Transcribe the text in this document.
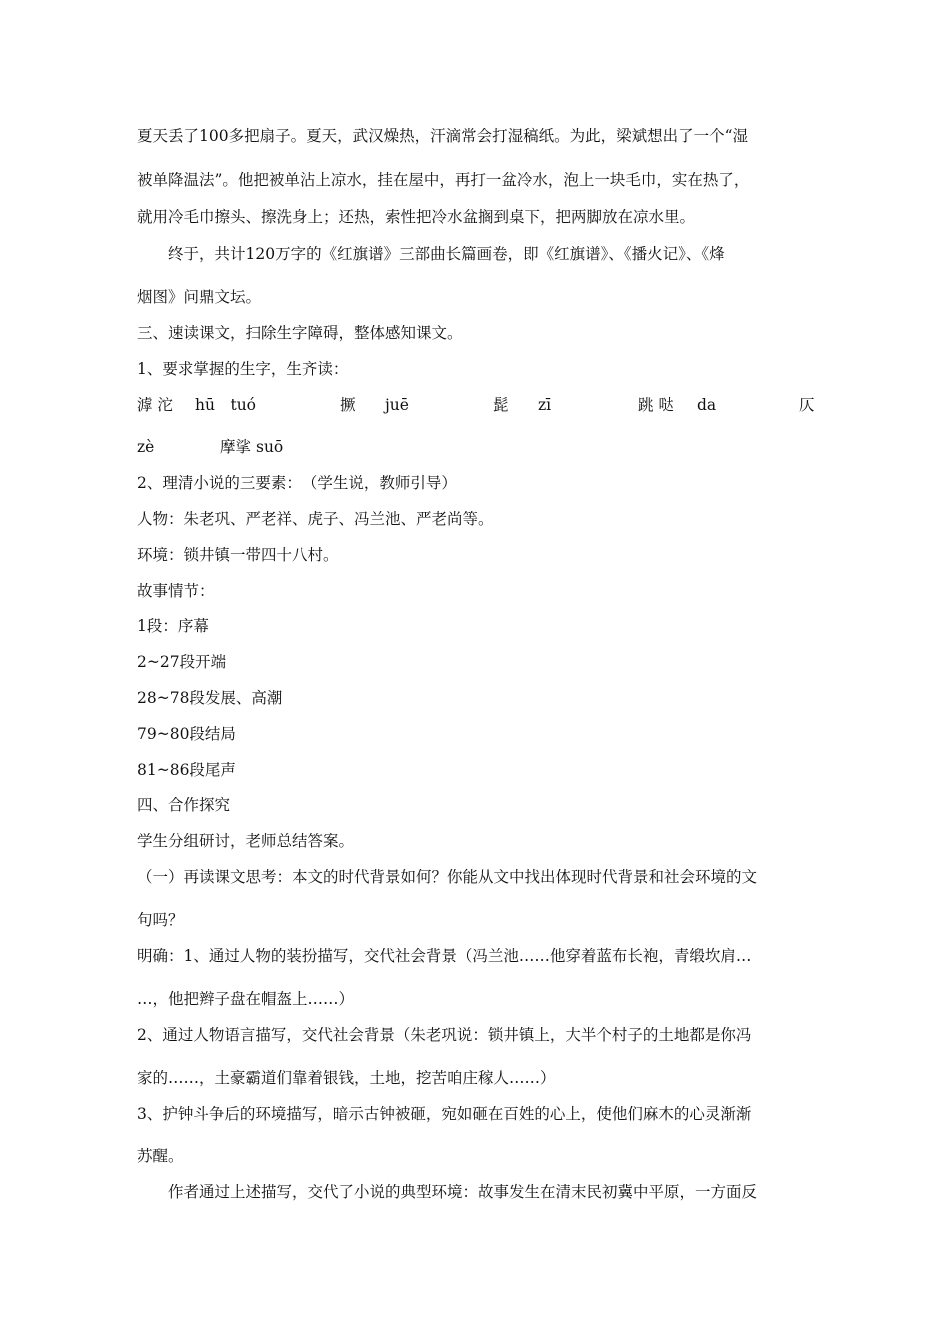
夏天丢了100多把扇子。夏天，武汉燥热，汗滴常会打湿稿纸。为此，梁斌想出了一个“湿
被单降温法”。他把被单沾上凉水，挂在屋中，再打一盆冷水，泡上一块毛巾，实在热了，
就用冷毛巾擦头、擦洗身上；还热，索性把冷水盆搁到桌下，把两脚放在凉水里。
终于，共计120万字的《红旗谱》三部曲长篇画卷，即《红旗谱》、《播火记》、《烽
烟图》问鼎文坛。
三、速读课文，扫除生字障碍，整体感知课文。
1、要求掌握的生字，生齐读：
滹 沱 hū　tuó	撅 juē	髭 zī	跳 哒 da	仄
zè	摩挲 suō
2、理清小说的三要素：　（学生说，教师引导）
人物：朱老巩、严老祥、虎子、冯兰池、严老尚等。
环境：锁井镇一带四十八村。
故事情节：
1段：序幕
2~27段开端
28~78段发展、高潮
79~80段结局
81~86段尾声
四、合作探究
学生分组研讨，老师总结答案。
（一）再读课文思考：本文的时代背景如何？你能从文中找出体现时代背景和社会环境的文
句吗？
明确：1、通过人物的装扮描写，交代社会背景（冯兰池……他穿着蓝布长袍，青缎坎肩…
…，他把辫子盘在帽盔上……）
2、通过人物语言描写，交代社会背景（朱老巩说：锁井镇上，大半个村子的土地都是你冯
家的……，土豪霸道们靠着银钱，土地，挖苦咱庄稼人……）
3、护钟斗争后的环境描写，暗示古钟被砸，宛如砸在百姓的心上，使他们麻木的心灵渐渐
苏醒。
作者通过上述描写，交代了小说的典型环境：故事发生在清末民初冀中平原，一方面反
